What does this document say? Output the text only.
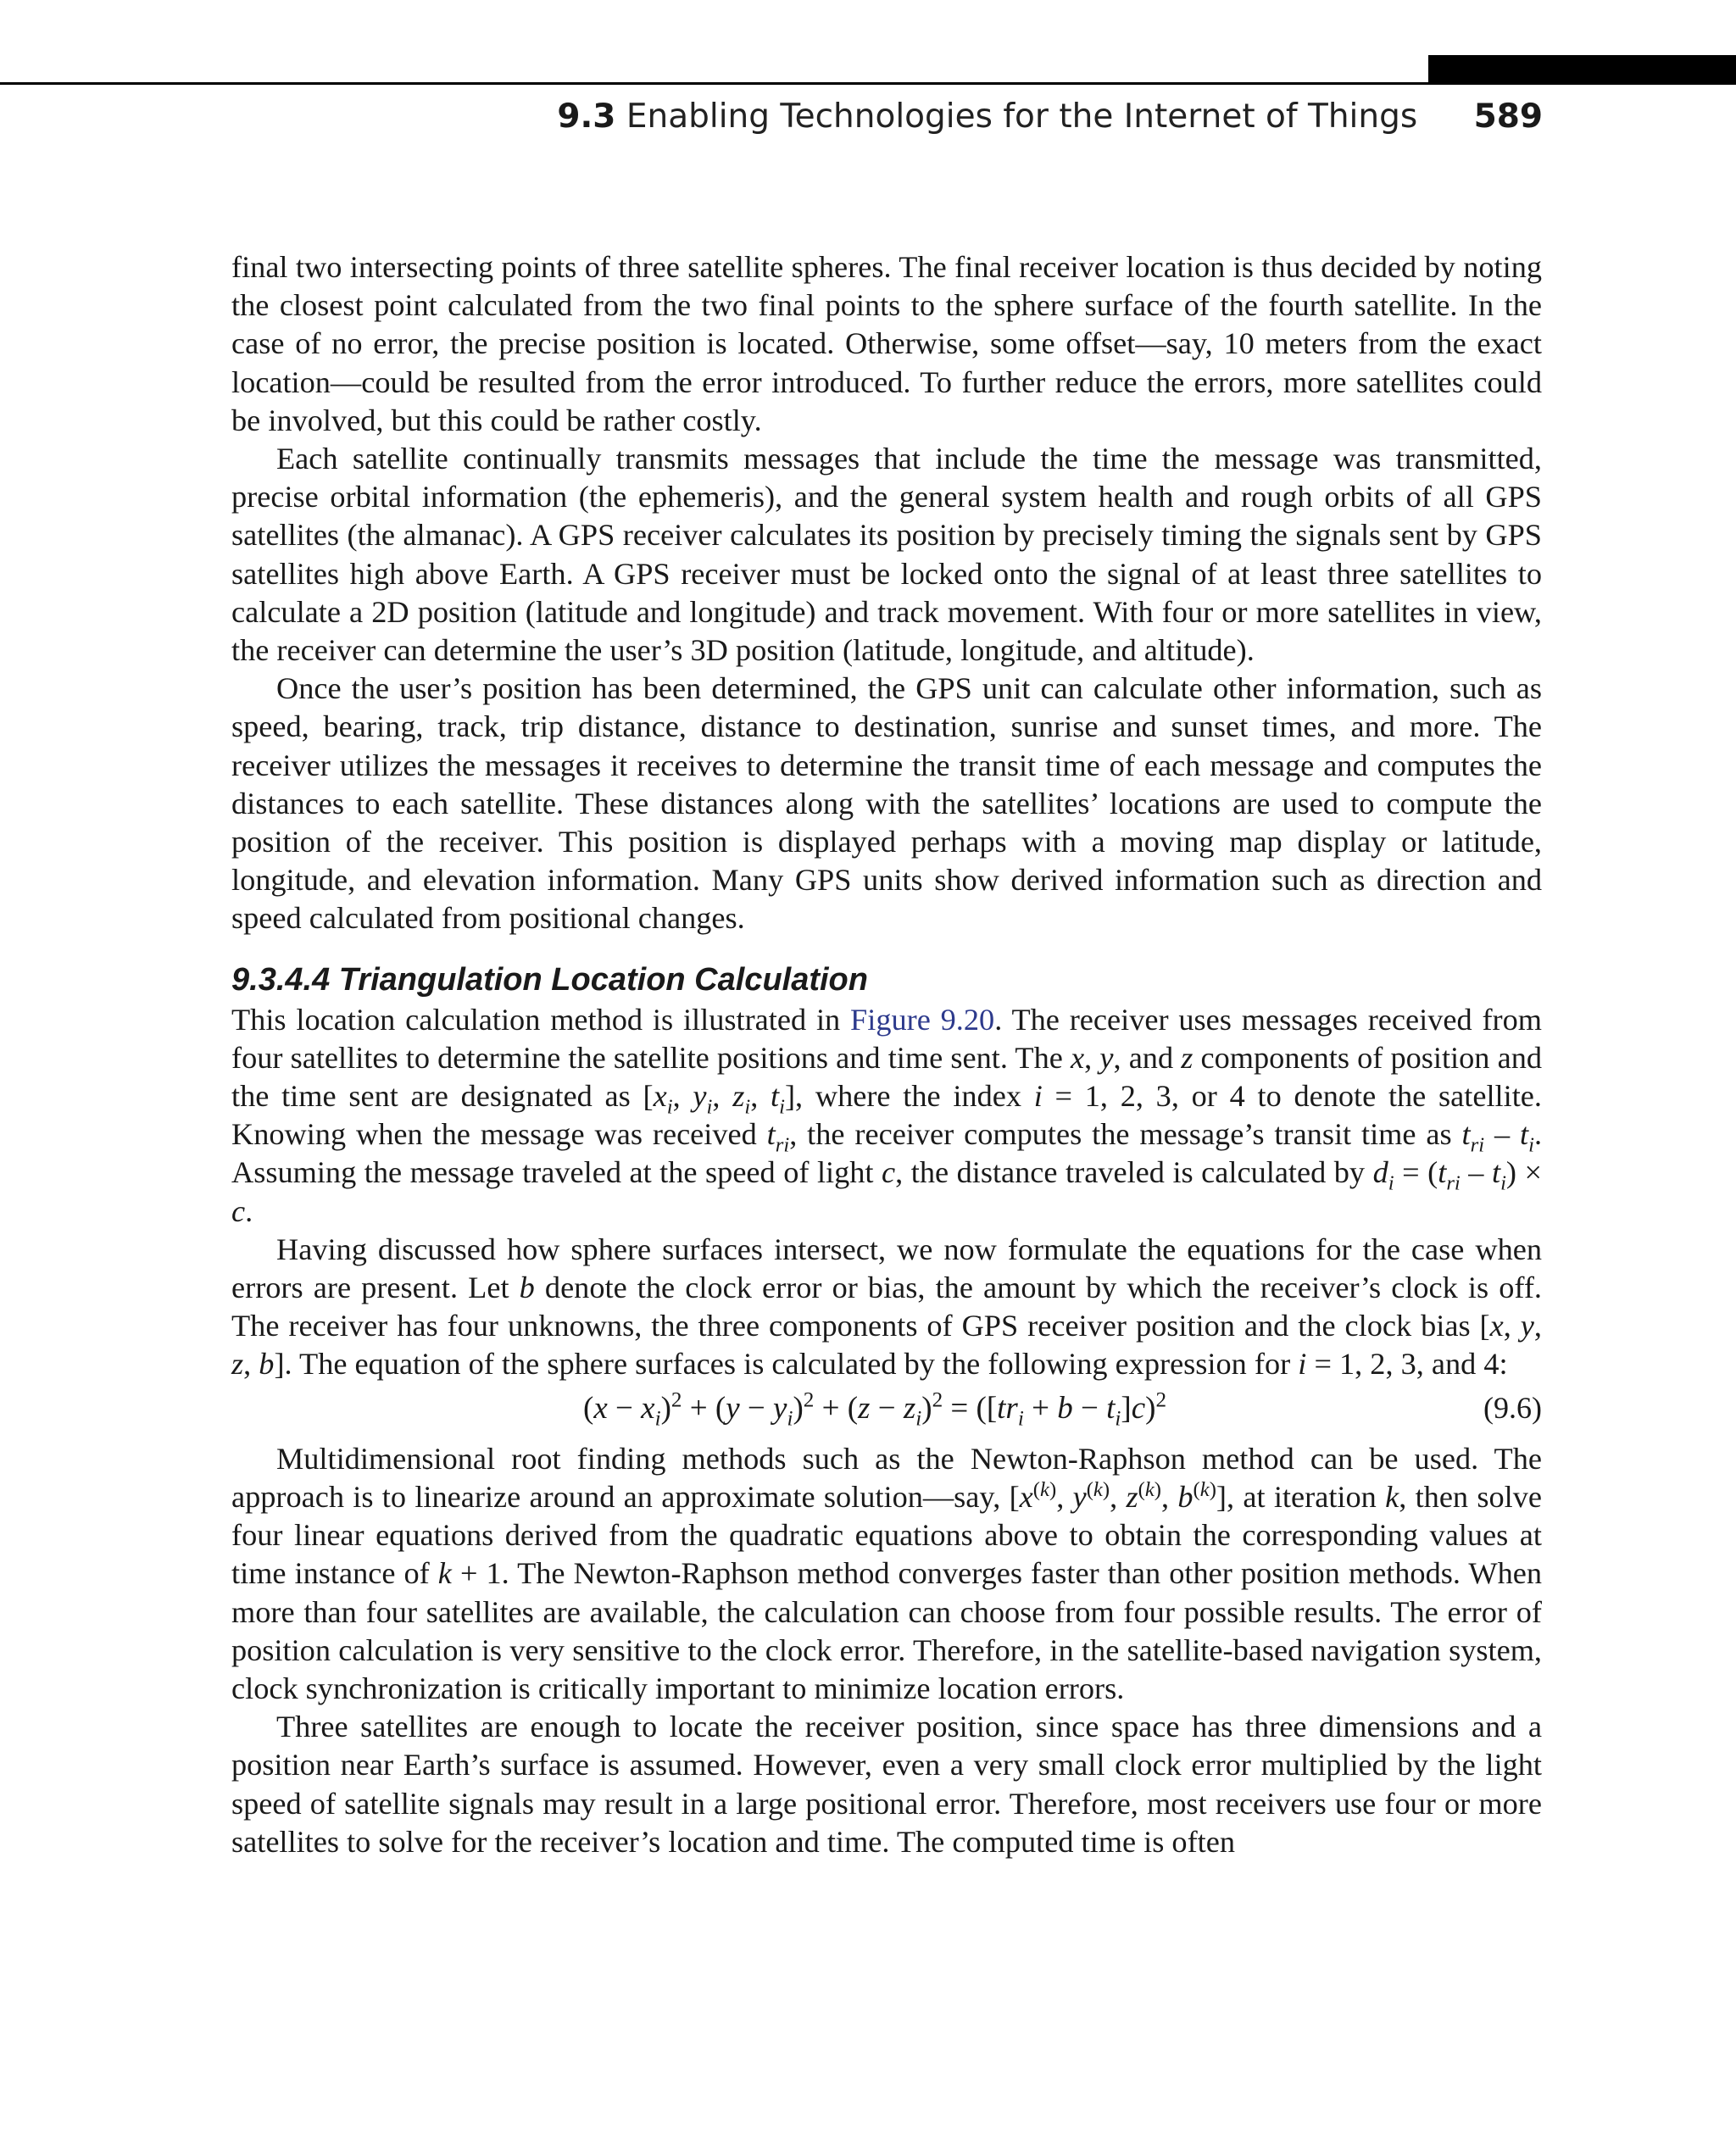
9.3 Enabling Technologies for the Internet of Things 589

final two intersecting points of three satellite spheres. The final receiver location is thus decided by noting the closest point calculated from the two final points to the sphere surface of the fourth satellite. In the case of no error, the precise position is located. Otherwise, some offset—say, 10 meters from the exact location—could be resulted from the error introduced. To further reduce the errors, more satellites could be involved, but this could be rather costly.

Each satellite continually transmits messages that include the time the message was transmitted, precise orbital information (the ephemeris), and the general system health and rough orbits of all GPS satellites (the almanac). A GPS receiver calculates its position by precisely timing the signals sent by GPS satellites high above Earth. A GPS receiver must be locked onto the signal of at least three satellites to calculate a 2D position (latitude and longitude) and track movement. With four or more satellites in view, the receiver can determine the user’s 3D position (latitude, longitude, and altitude).

Once the user’s position has been determined, the GPS unit can calculate other information, such as speed, bearing, track, trip distance, distance to destination, sunrise and sunset times, and more. The receiver utilizes the messages it receives to determine the transit time of each message and computes the distances to each satellite. These distances along with the satellites’ locations are used to compute the position of the receiver. This position is displayed perhaps with a moving map display or latitude, longitude, and elevation information. Many GPS units show derived information such as direction and speed calculated from positional changes.

9.3.4.4 Triangulation Location Calculation

This location calculation method is illustrated in Figure 9.20. The receiver uses messages received from four satellites to determine the satellite positions and time sent. The x, y, and z components of position and the time sent are designated as [$x_i$, $y_i$, $z_i$, $t_i$], where the index i = 1, 2, 3, or 4 to denote the satellite. Knowing when the message was received $t_{ri}$, the receiver computes the message’s transit time as $t_{ri} - t_i$. Assuming the message traveled at the speed of light c, the distance traveled is calculated by $d_i = (t_{ri} - t_i) \times c$.

Having discussed how sphere surfaces intersect, we now formulate the equations for the case when errors are present. Let b denote the clock error or bias, the amount by which the receiver’s clock is off. The receiver has four unknowns, the three components of GPS receiver position and the clock bias [x, y, z, b]. The equation of the sphere surfaces is calculated by the following expression for i = 1, 2, 3, and 4:

$(x - x_i)^2 + (y - y_i)^2 + (z - z_i)^2 = ([tr_i + b - t_i]c)^2$	(9.6)

Multidimensional root finding methods such as the Newton-Raphson method can be used. The approach is to linearize around an approximate solution—say, [$x^{(k)}$, $y^{(k)}$, $z^{(k)}$, $b^{(k)}$], at iteration k, then solve four linear equations derived from the quadratic equations above to obtain the corresponding values at time instance of k + 1. The Newton-Raphson method converges faster than other position methods. When more than four satellites are available, the calculation can choose from four possible results. The error of position calculation is very sensitive to the clock error. Therefore, in the satellite-based navigation system, clock synchronization is critically important to minimize location errors.

Three satellites are enough to locate the receiver position, since space has three dimensions and a position near Earth’s surface is assumed. However, even a very small clock error multiplied by the light speed of satellite signals may result in a large positional error. Therefore, most receivers use four or more satellites to solve for the receiver’s location and time. The computed time is often
